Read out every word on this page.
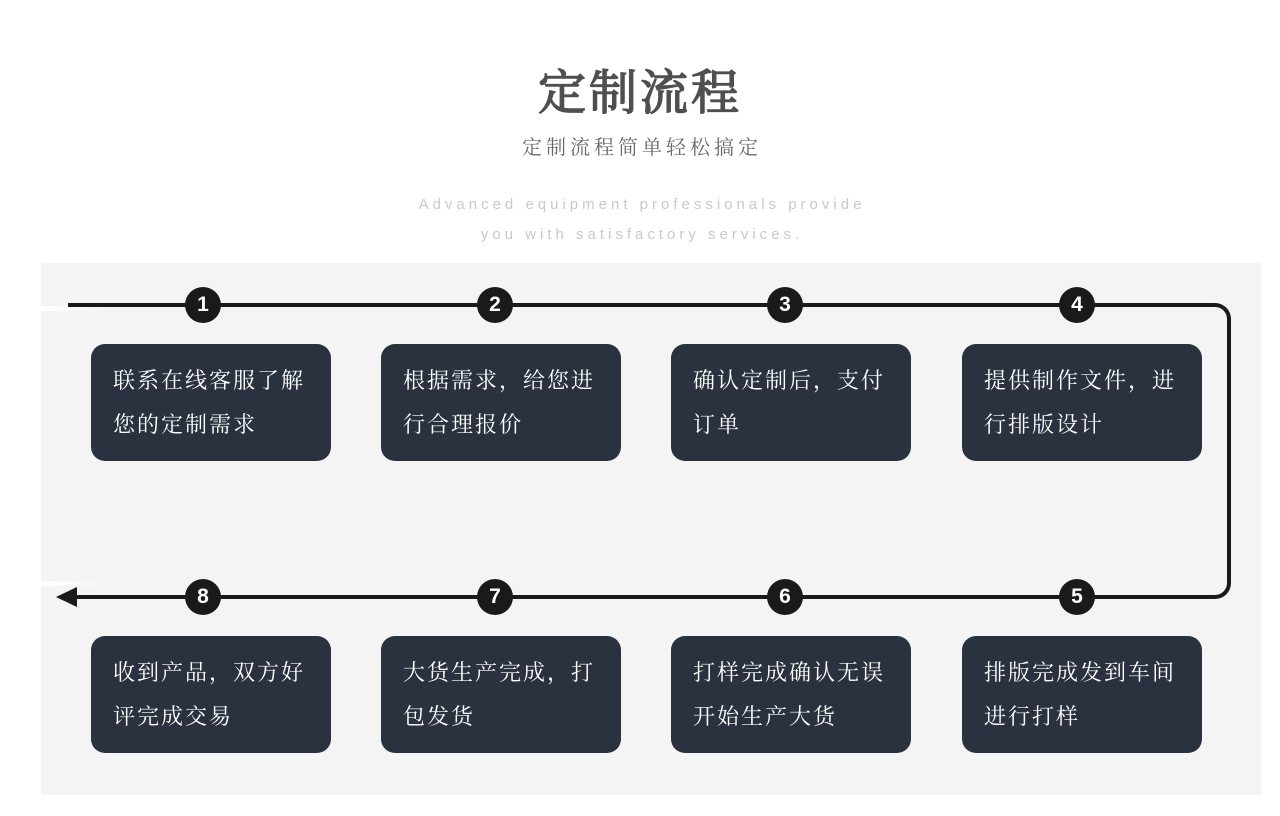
定制流程
定制流程简单轻松搞定
Advanced equipment professionals provide
you with satisfactory services.
1	2	3	4
5
6
7
8
联系在线客服了解您的定制需求
根据需求，给您进行合理报价
确认定制后，支付订单
提供制作文件，进行排版设计
排版完成发到车间进行打样
打样完成确认无误开始生产大货
大货生产完成，打包发货
收到产品，双方好评完成交易
